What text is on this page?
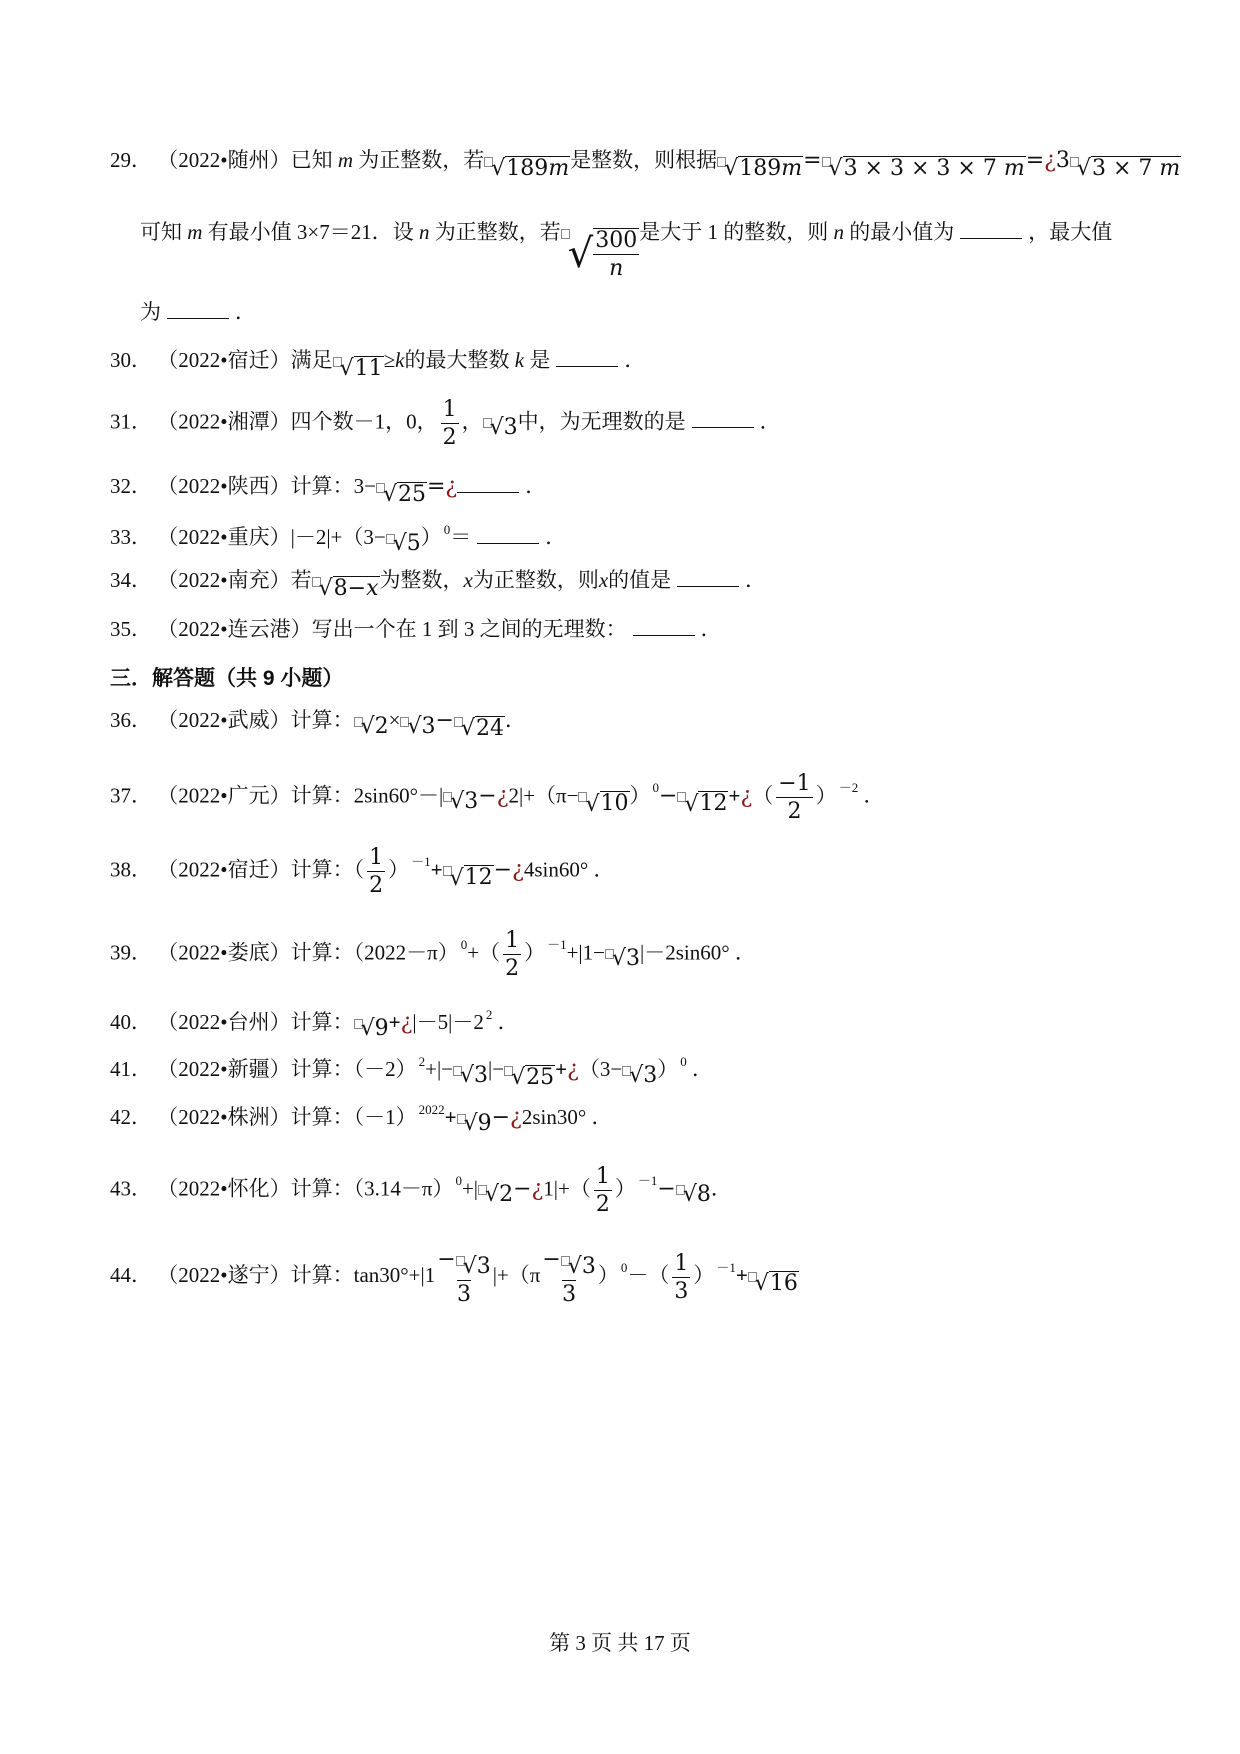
29． （2022•随州）已知 m 为正整数，若 √ 189m 是整数，则根据 √ 189m = √ 3 × 3 × 3 × 7 m =¿3 √ 3 × 7 m
可知 m 有最小值 3×7＝21．设 n 为正整数，若 √ $\frac{300}{n}$ 是大于 1 的整数，则 n 的最小值为	，最大值
为	．
30． （2022•宿迁）满足 √ 11 ≥k的最大整数 k 是	．
31． （2022•湘潭）四个数－1，0， $\frac{1}{2}$ ， √ 3 中，为无理数的是	．
32． （2022•陕西）计算：3− √ 25 =¿	．
33． （2022•重庆）|－2|+（3− √ 5 ） $^0$＝	．
34． （2022•南充）若 √ 8−x 为整数，x为正整数，则x的值是	．
35． （2022•连云港）写出一个在 1 到 3 之间的无理数：	．
三．解答题（共 9 小题）
36． （2022•武威）计算： √ 2 × √ 3 − √ 24 ．
37． （2022•广元）计算：2sin60°－| √ 3 −¿2|+（π− √ 10 ） $^0$− √ 12 +¿（ $\frac{-1}{2}$ ） $^{-2}$ ．
38． （2022•宿迁）计算：（ $\frac{1}{2}$ ） $^{-1}$+ √ 12 −¿4sin60° ．
39． （2022•娄底）计算：（2022－π） $^0+( \frac{1}{2}$ ） $^{-1}$+|1− √ 3 |－2sin60° ．
40． （2022•台州）计算： √ 9 +¿|－5|－2 $^2$ ．
41． （2022•新疆）计算：（－2） $^2$+|− √ 3 |− √ 25 +¿（3− √ 3 ） $^0$ ．
42． （2022•株洲）计算：（－1） $^{2022}$+ √ 9 −¿2sin30° ．
43． （2022•怀化）计算：（3.14－π） $^0$+| √ 2 −¿1|+（ $\frac{1}{2}$ ） $^{-1}$− √ 8 ．
44． （2022•遂宁）计算：$\tan 30^\circ+|1 \frac{- √ 3}{3} |+(\pi \frac{- √ 3}{3}$ ） $^0-( \frac{1}{3}$ ） $^{-1}$+ √ 16
第 3 页 共 17 页
